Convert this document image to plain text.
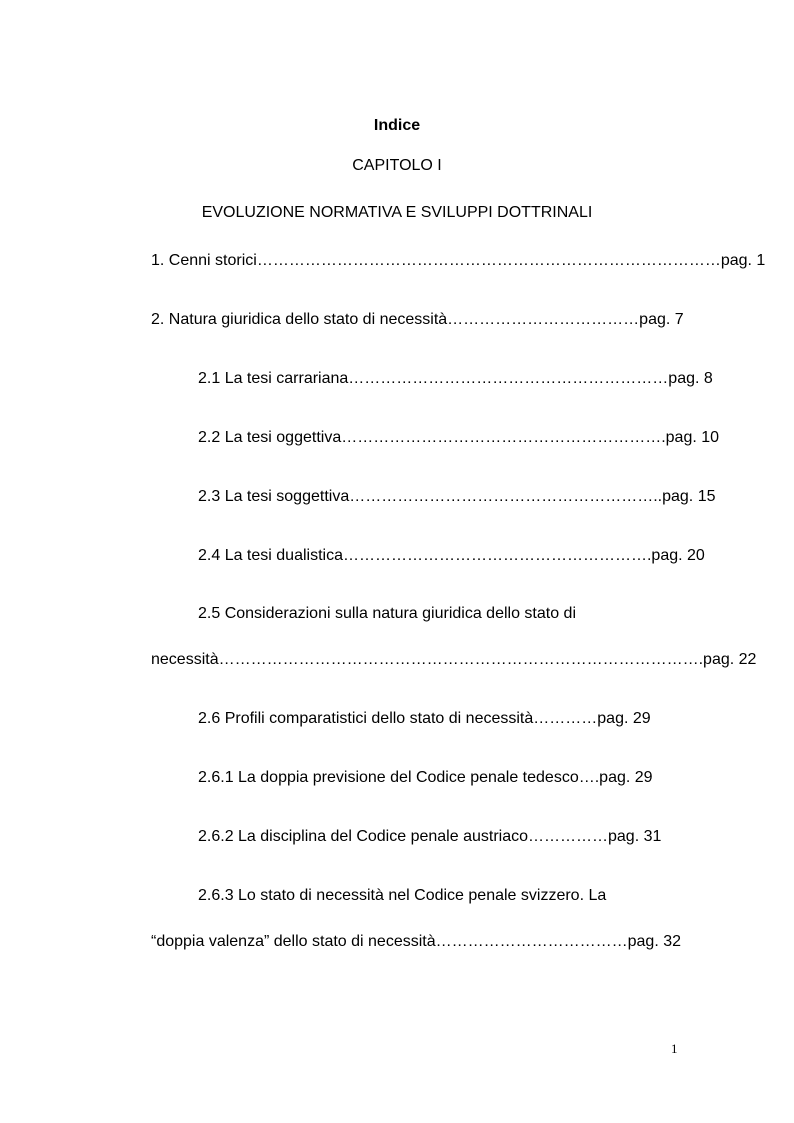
Indice
CAPITOLO I
EVOLUZIONE NORMATIVA E SVILUPPI DOTTRINALI
1. Cenni storici……………………………………………………………………………pag. 1
2. Natura giuridica dello stato di necessità………………………………pag. 7
2.1 La tesi carrariana……………………………………………………pag. 8
2.2 La tesi oggettiva…………………………………………………….pag. 10
2.3 La tesi soggettiva…………………………………………………..pag. 15
2.4 La tesi dualistica………………………………………………….pag. 20
2.5 Considerazioni sulla natura giuridica dello stato di
necessità……………………………………………………………………………….pag. 22
2.6 Profili comparatistici dello stato di necessità…………pag. 29
2.6.1 La doppia previsione del Codice penale tedesco….pag. 29
2.6.2 La disciplina del Codice penale austriaco……………pag. 31
2.6.3 Lo stato di necessità nel Codice penale svizzero. La
“doppia valenza” dello stato di necessità………………………………pag. 32
1
